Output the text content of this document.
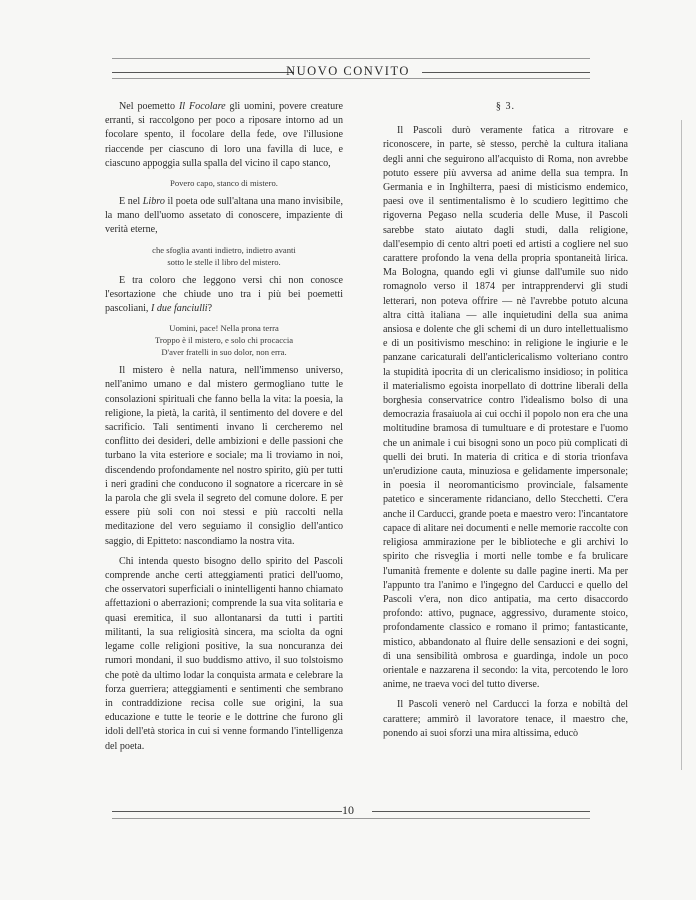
NUOVO CONVITO

Nel poemetto Il Focolare gli uomini, povere creature erranti, si raccolgono per poco a riposare intorno ad un focolare spento, il focolare della fede, ove l'illusione riaccende per ciascuno di loro una favilla di luce, e ciascuno appoggia sulla spalla del vicino il capo stanco,

Povero capo, stanco di mistero.

E nel Libro il poeta ode sull'altana una mano invisibile, la mano dell'uomo assetato di conoscere, impaziente di verità eterne,

che sfoglia avanti indietro, indietro avanti
sotto le stelle il libro del mistero.

E tra coloro che leggono versi chi non conosce l'esortazione che chiude uno tra i più bei poemetti pascoliani, I due fanciulli?

Uomini, pace! Nella prona terra
Troppo è il mistero, e solo chi procaccia
D'aver fratelli in suo dolor, non erra.

Il mistero è nella natura, nell'immenso universo, nell'animo umano e dal mistero germogliano tutte le consolazioni spirituali che fanno bella la vita: la poesia, la religione, la pietà, la carità, il sentimento del dovere e del sacrificio. Tali sentimenti invano li cercheremo nel conflitto dei desideri, delle ambizioni e delle passioni che turbano la vita esteriore e sociale; ma li troviamo in noi, discendendo profondamente nel nostro spirito, giù per tutti i neri gradini che conducono il sognatore a ricercare in sè la parola che gli svela il segreto del comune dolore. E per essere più soli con noi stessi e più raccolti nella meditazione del vero seguiamo il consiglio dell'antico saggio, di Epitteto: nascondiamo la nostra vita.

Chi intenda questo bisogno dello spirito del Pascoli comprende anche certi atteggiamenti pratici dell'uomo, che osservatori superficiali o inintelligenti hanno chiamato affettazioni o aberrazioni; comprende la sua vita solitaria e quasi eremitica, il suo allontanarsi da tutti i partiti militanti, la sua religiosità sincera, ma sciolta da ogni legame colle religioni positive, la sua noncuranza dei rumori mondani, il suo buddismo attivo, il suo tolstoismo che potè da ultimo lodar la conquista armata e celebrare la forza guerriera; atteggiamenti e sentimenti che sembrano in contraddizione recisa colle sue origini, la sua educazione e tutte le teorie e le dottrine che furono gli idoli dell'età storica in cui si venne formando l'intelligenza del poeta.

§ 3.

Il Pascoli durò veramente fatica a ritrovare e riconoscere, in parte, sè stesso, perchè la cultura italiana degli anni che seguirono all'acquisto di Roma, non avrebbe potuto essere più avversa ad anime della sua tempra. In Germania e in Inghilterra, paesi di misticismo endemico, paesi ove il sentimentalismo è lo scudiero legittimo che rigoverna Pegaso nella scuderia delle Muse, il Pascoli sarebbe stato aiutato dagli studi, dalla religione, dall'esempio di cento altri poeti ed artisti a cogliere nel suo carattere profondo la vena della propria spontaneità lirica. Ma Bologna, quando egli vi giunse dall'umile suo nido romagnolo verso il 1874 per intrapprendervi gli studi letterari, non poteva offrire — nè l'avrebbe potuto alcuna altra città italiana — alle inquietudini della sua anima ansiosa e dolente che gli schemi di un duro intellettualismo e di un positivismo meschino: in religione le ingiurie e le panzane caricaturali dell'anticlericalismo volteriano contro la stupidità ipocrita di un clericalismo insidioso; in politica il materialismo egoista inorpellato di dottrine liberali della borghesia conservatrice contro l'idealismo bolso di una democrazia frasaiuola ai cui occhi il popolo non era che una moltitudine bramosa di tumultuare e di protestare e l'uomo che un animale i cui bisogni sono un poco più complicati di quelli dei bruti. In materia di critica e di storia trionfava un'erudizione cauta, minuziosa e gelidamente impersonale; in poesia il neoromanticismo provinciale, falsamente patetico e sinceramente ridanciano, dello Stecchetti. C'era anche il Carducci, grande poeta e maestro vero: l'incantatore capace di alitare nei documenti e nelle memorie raccolte con religiosa ammirazione per le biblioteche e gli archivi lo spirito che risveglia i morti nelle tombe e fa brulicare l'umanità fremente e dolente su dalle pagine inerti. Ma per l'appunto tra l'animo e l'ingegno del Carducci e quello del Pascoli v'era, non dico antipatia, ma certo disaccordo profondo: attivo, pugnace, aggressivo, duramente stoico, profondamente classico e romano il primo; fantasticante, mistico, abbandonato al fluire delle sensazioni e dei sogni, di una sensibilità ombrosa e guardinga, indole un poco orientale e nazzarena il secondo: la vita, percotendo le loro anime, ne traeva voci del tutto diverse.

Il Pascoli venerò nel Carducci la forza e nobiltà del carattere; ammirò il lavoratore tenace, il maestro che, ponendo ai suoi sforzi una mira altissima, educò

10
